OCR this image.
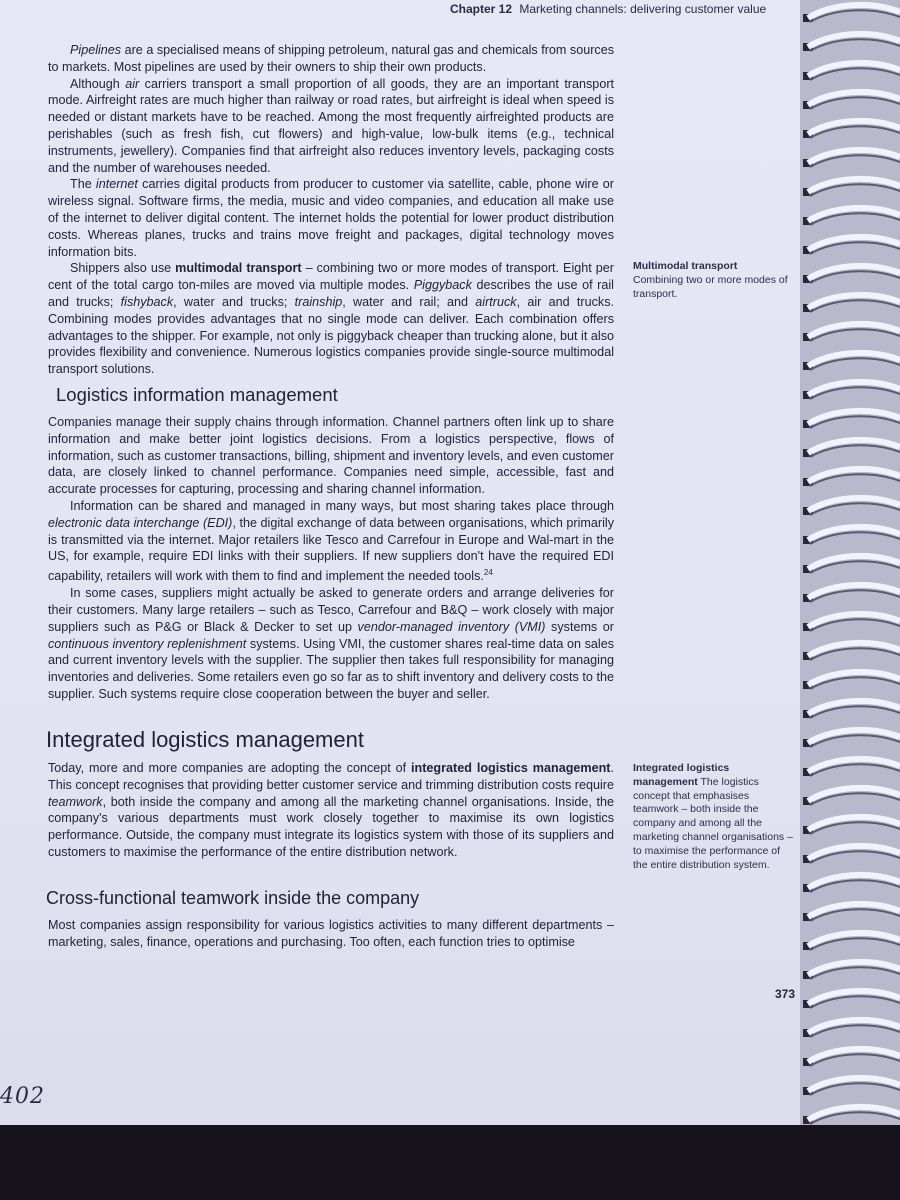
Chapter 12 Marketing channels: delivering customer value

Pipelines are a specialised means of shipping petroleum, natural gas and chemicals from sources to markets. Most pipelines are used by their owners to ship their own products.

Although air carriers transport a small proportion of all goods, they are an important transport mode. Airfreight rates are much higher than railway or road rates, but airfreight is ideal when speed is needed or distant markets have to be reached. Among the most frequently airfreighted products are perishables (such as fresh fish, cut flowers) and high-value, low-bulk items (e.g., technical instruments, jewellery). Companies find that airfreight also reduces inventory levels, packaging costs and the number of warehouses needed.

The internet carries digital products from producer to customer via satellite, cable, phone wire or wireless signal. Software firms, the media, music and video companies, and education all make use of the internet to deliver digital content. The internet holds the potential for lower product distribution costs. Whereas planes, trucks and trains move freight and packages, digital technology moves information bits.

Shippers also use multimodal transport – combining two or more modes of transport. Eight per cent of the total cargo ton-miles are moved via multiple modes. Piggyback describes the use of rail and trucks; fishyback, water and trucks; trainship, water and rail; and airtruck, air and trucks. Combining modes provides advantages that no single mode can deliver. Each combination offers advantages to the shipper. For example, not only is piggyback cheaper than trucking alone, but it also provides flexibility and convenience. Numerous logistics companies provide single-source multimodal transport solutions.

Multimodal transport
Combining two or more modes of transport.
Logistics information management

Companies manage their supply chains through information. Channel partners often link up to share information and make better joint logistics decisions. From a logistics perspective, flows of information, such as customer transactions, billing, shipment and inventory levels, and even customer data, are closely linked to channel performance. Companies need simple, accessible, fast and accurate processes for capturing, processing and sharing channel information.

Information can be shared and managed in many ways, but most sharing takes place through electronic data interchange (EDI), the digital exchange of data between organisations, which primarily is transmitted via the internet. Major retailers like Tesco and Carrefour in Europe and Wal-mart in the US, for example, require EDI links with their suppliers. If new suppliers don't have the required EDI capability, retailers will work with them to find and implement the needed tools.$^{24}$

In some cases, suppliers might actually be asked to generate orders and arrange deliveries for their customers. Many large retailers – such as Tesco, Carrefour and B&Q – work closely with major suppliers such as P&G or Black & Decker to set up vendor-managed inventory (VMI) systems or continuous inventory replenishment systems. Using VMI, the customer shares real-time data on sales and current inventory levels with the supplier. The supplier then takes full responsibility for managing inventories and deliveries. Some retailers even go so far as to shift inventory and delivery costs to the supplier. Such systems require close cooperation between the buyer and seller.

Integrated logistics management

Today, more and more companies are adopting the concept of integrated logistics management. This concept recognises that providing better customer service and trimming distribution costs require teamwork, both inside the company and among all the marketing channel organisations. Inside, the company's various departments must work closely together to maximise its own logistics performance. Outside, the company must integrate its logistics system with those of its suppliers and customers to maximise the performance of the entire distribution network.

Integrated logistics management The logistics concept that emphasises teamwork – both inside the company and among all the marketing channel organisations – to maximise the performance of the entire distribution system.
Cross-functional teamwork inside the company

Most companies assign responsibility for various logistics activities to many different departments – marketing, sales, finance, operations and purchasing. Too often, each function tries to optimise

373
402
